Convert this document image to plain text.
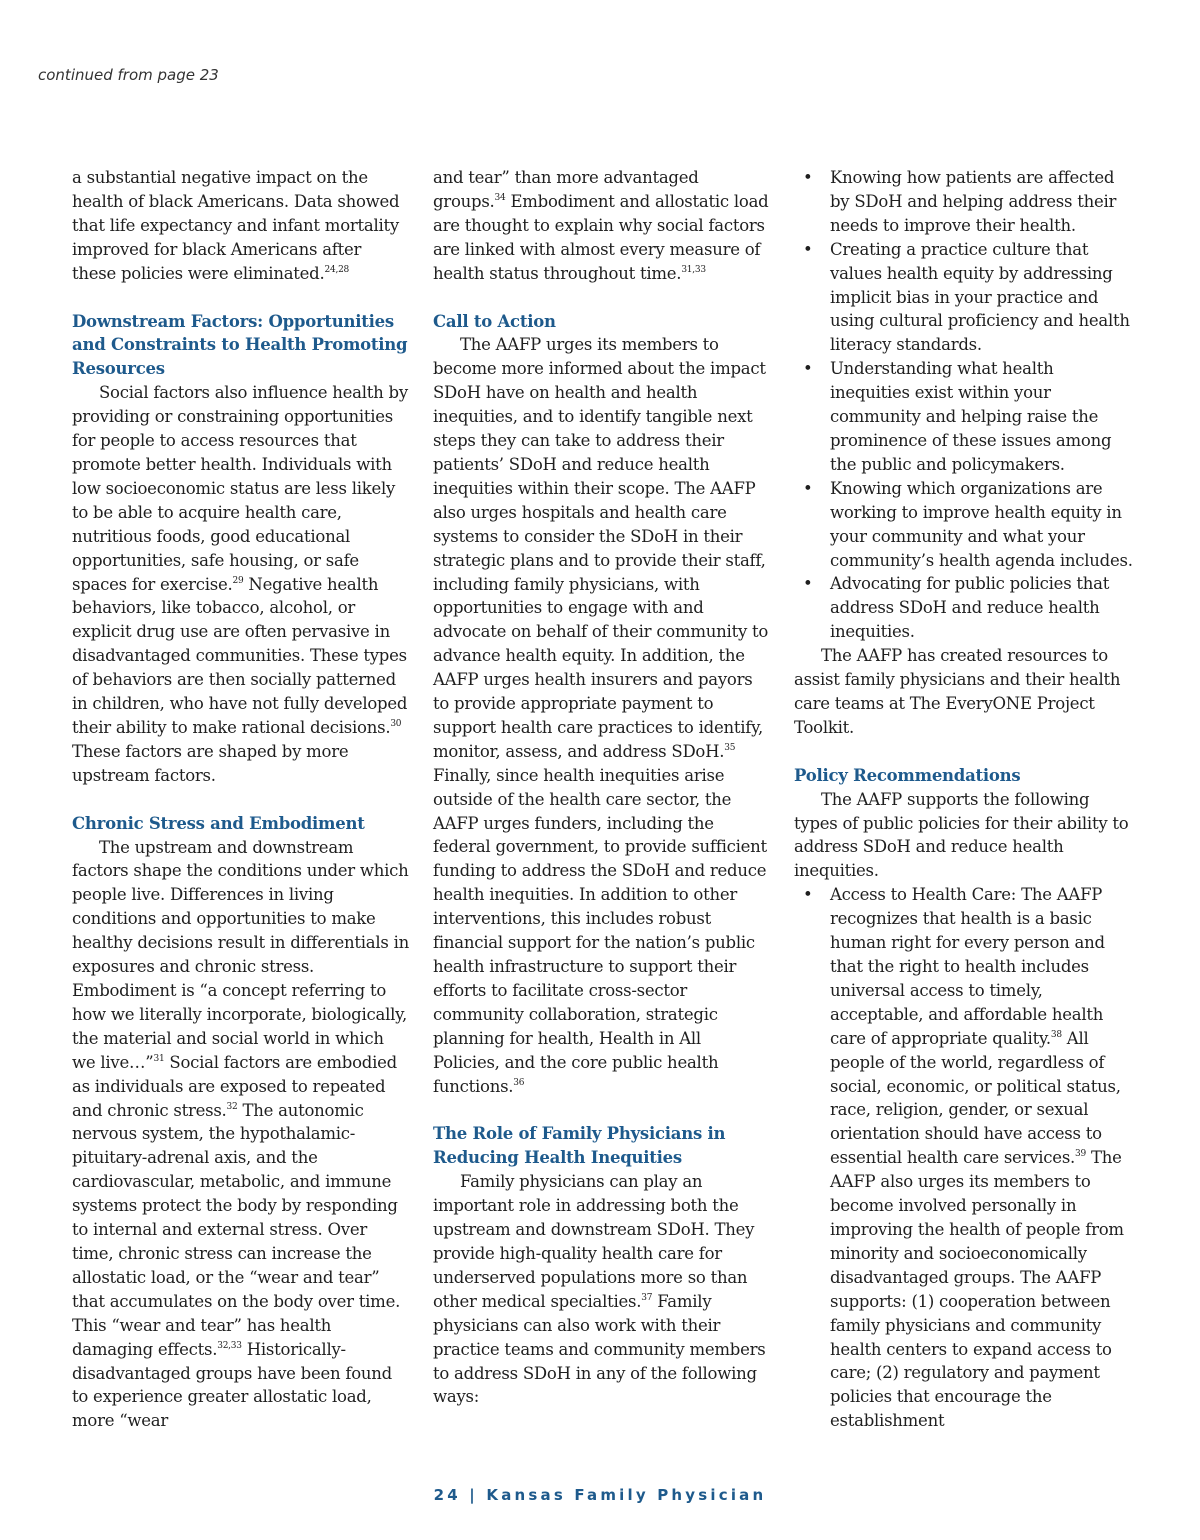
continued from page 23

a substantial negative impact on the health of black Americans. Data showed that life expectancy and infant mortality improved for black Americans after these policies were eliminated.$^{24,28}$

Downstream Factors: Opportunities and Constraints to Health Promoting Resources

Social factors also influence health by providing or constraining opportunities for people to access resources that promote better health. Individuals with low socioeconomic status are less likely to be able to acquire health care, nutritious foods, good educational opportunities, safe housing, or safe spaces for exercise.$^{29}$ Negative health behaviors, like tobacco, alcohol, or explicit drug use are often pervasive in disadvantaged communities. These types of behaviors are then socially patterned in children, who have not fully developed their ability to make rational decisions.$^{30}$ These factors are shaped by more upstream factors.

Chronic Stress and Embodiment

The upstream and downstream factors shape the conditions under which people live. Differences in living conditions and opportunities to make healthy decisions result in differentials in exposures and chronic stress. Embodiment is “a concept referring to how we literally incorporate, biologically, the material and social world in which we live…”$^{31}$ Social factors are embodied as individuals are exposed to repeated and chronic stress.$^{32}$ The autonomic nervous system, the hypothalamic-pituitary-adrenal axis, and the cardiovascular, metabolic, and immune systems protect the body by responding to internal and external stress. Over time, chronic stress can increase the allostatic load, or the “wear and tear” that accumulates on the body over time. This “wear and tear” has health damaging effects.$^{32,33}$ Historically-disadvantaged groups have been found to experience greater allostatic load, more “wear

and tear” than more advantaged groups.$^{34}$ Embodiment and allostatic load are thought to explain why social factors are linked with almost every measure of health status throughout time.$^{31,33}$

Call to Action

The AAFP urges its members to become more informed about the impact SDoH have on health and health inequities, and to identify tangible next steps they can take to address their patients’ SDoH and reduce health inequities within their scope. The AAFP also urges hospitals and health care systems to consider the SDoH in their strategic plans and to provide their staff, including family physicians, with opportunities to engage with and advocate on behalf of their community to advance health equity. In addition, the AAFP urges health insurers and payors to provide appropriate payment to support health care practices to identify, monitor, assess, and address SDoH.$^{35}$ Finally, since health inequities arise outside of the health care sector, the AAFP urges funders, including the federal government, to provide sufficient funding to address the SDoH and reduce health inequities. In addition to other interventions, this includes robust financial support for the nation’s public health infrastructure to support their efforts to facilitate cross-sector community collaboration, strategic planning for health, Health in All Policies, and the core public health functions.$^{36}$

The Role of Family Physicians in Reducing Health Inequities

Family physicians can play an important role in addressing both the upstream and downstream SDoH. They provide high-quality health care for underserved populations more so than other medical specialties.$^{37}$ Family physicians can also work with their practice teams and community members to address SDoH in any of the following ways:

• Knowing how patients are affected by SDoH and helping address their needs to improve their health.
• Creating a practice culture that values health equity by addressing implicit bias in your practice and using cultural proficiency and health literacy standards.
• Understanding what health inequities exist within your community and helping raise the prominence of these issues among the public and policymakers.
• Knowing which organizations are working to improve health equity in your community and what your community’s health agenda includes.
• Advocating for public policies that address SDoH and reduce health inequities.

The AAFP has created resources to assist family physicians and their health care teams at The EveryONE Project Toolkit.

Policy Recommendations

The AAFP supports the following types of public policies for their ability to address SDoH and reduce health inequities.

• Access to Health Care: The AAFP recognizes that health is a basic human right for every person and that the right to health includes universal access to timely, acceptable, and affordable health care of appropriate quality.$^{38}$ All people of the world, regardless of social, economic, or political status, race, religion, gender, or sexual orientation should have access to essential health care services.$^{39}$ The AAFP also urges its members to become involved personally in improving the health of people from minority and socioeconomically disadvantaged groups. The AAFP supports: (1) cooperation between family physicians and community health centers to expand access to care; (2) regulatory and payment policies that encourage the establishment
24 | Kansas Family Physician
